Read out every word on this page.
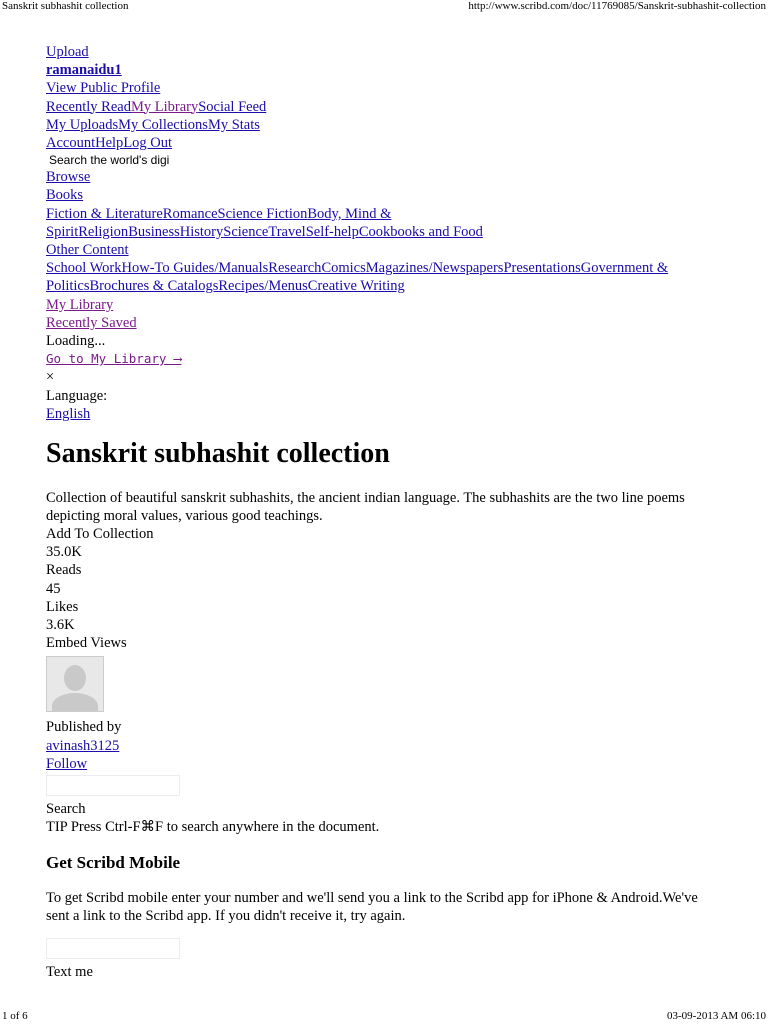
Sanskrit subhashit collection	http://www.scribd.com/doc/11769085/Sanskrit-subhashit-collection
Upload
ramanaidu1
View Public Profile
Recently ReadMy LibrarySocial Feed
My UploadsMy CollectionsMy Stats
AccountHelpLog Out
Search the world's digi
Browse
Books
Fiction & LiteratureRomanceScience FictionBody, Mind &
SpiritReligionBusinessHistoryScienceTravelSelf-helpCookbooks and Food
Other Content
School WorkHow-To Guides/ManualsResearchComicsMagazines/NewspapersPresentationsGovernment &
PoliticsBrochures & CatalogsRecipes/MenusCreative Writing
My Library
Recently Saved
Loading...
Go to My Library ⟶
×
Language:
English
Sanskrit subhashit collection
Collection of beautiful sanskrit subhashits, the ancient indian language. The subhashits are the two line poems depicting moral values, various good teachings.
Add To Collection
35.0K
Reads
45
Likes
3.6K
Embed Views
Published by
avinash3125
Follow
Search
TIP Press Ctrl-F⌘F to search anywhere in the document.
Get Scribd Mobile
To get Scribd mobile enter your number and we'll send you a link to the Scribd app for iPhone & Android.We've sent a link to the Scribd app. If you didn't receive it, try again.
Text me
1 of 6	03-09-2013 AM 06:10
